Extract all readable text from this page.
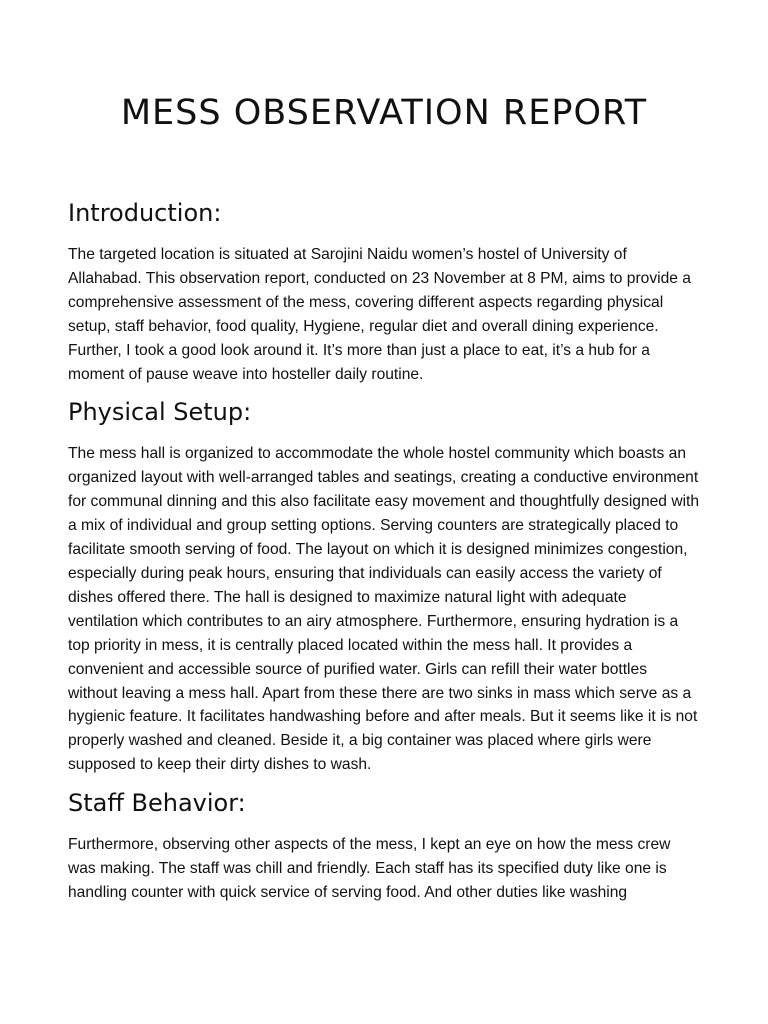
MESS OBSERVATION REPORT
Introduction:

The targeted location is situated at Sarojini Naidu women’s hostel of University of Allahabad. This observation report, conducted on 23 November at 8 PM, aims to provide a comprehensive assessment of the mess, covering different aspects regarding physical setup, staff behavior, food quality, Hygiene, regular diet and overall dining experience. Further, I took a good look around it. It’s more than just a place to eat, it’s a hub for a moment of pause weave into hosteller daily routine.

Physical Setup:

The mess hall is organized to accommodate the whole hostel community which boasts an organized layout with well-arranged tables and seatings, creating a conductive environment for communal dinning and this also facilitate easy movement and thoughtfully designed with a mix of individual and group setting options. Serving counters are strategically placed to facilitate smooth serving of food. The layout on which it is designed minimizes congestion, especially during peak hours, ensuring that individuals can easily access the variety of dishes offered there. The hall is designed to maximize natural light with adequate ventilation which contributes to an airy atmosphere. Furthermore, ensuring hydration is a top priority in mess, it is centrally placed located within the mess hall. It provides a convenient and accessible source of purified water. Girls can refill their water bottles without leaving a mess hall. Apart from these there are two sinks in mass which serve as a hygienic feature. It facilitates handwashing before and after meals. But it seems like it is not properly washed and cleaned. Beside it, a big container was placed where girls were supposed to keep their dirty dishes to wash.

Staff Behavior:

Furthermore, observing other aspects of the mess, I kept an eye on how the mess crew was making. The staff was chill and friendly. Each staff has its specified duty like one is handling counter with quick service of serving food. And other duties like washing
